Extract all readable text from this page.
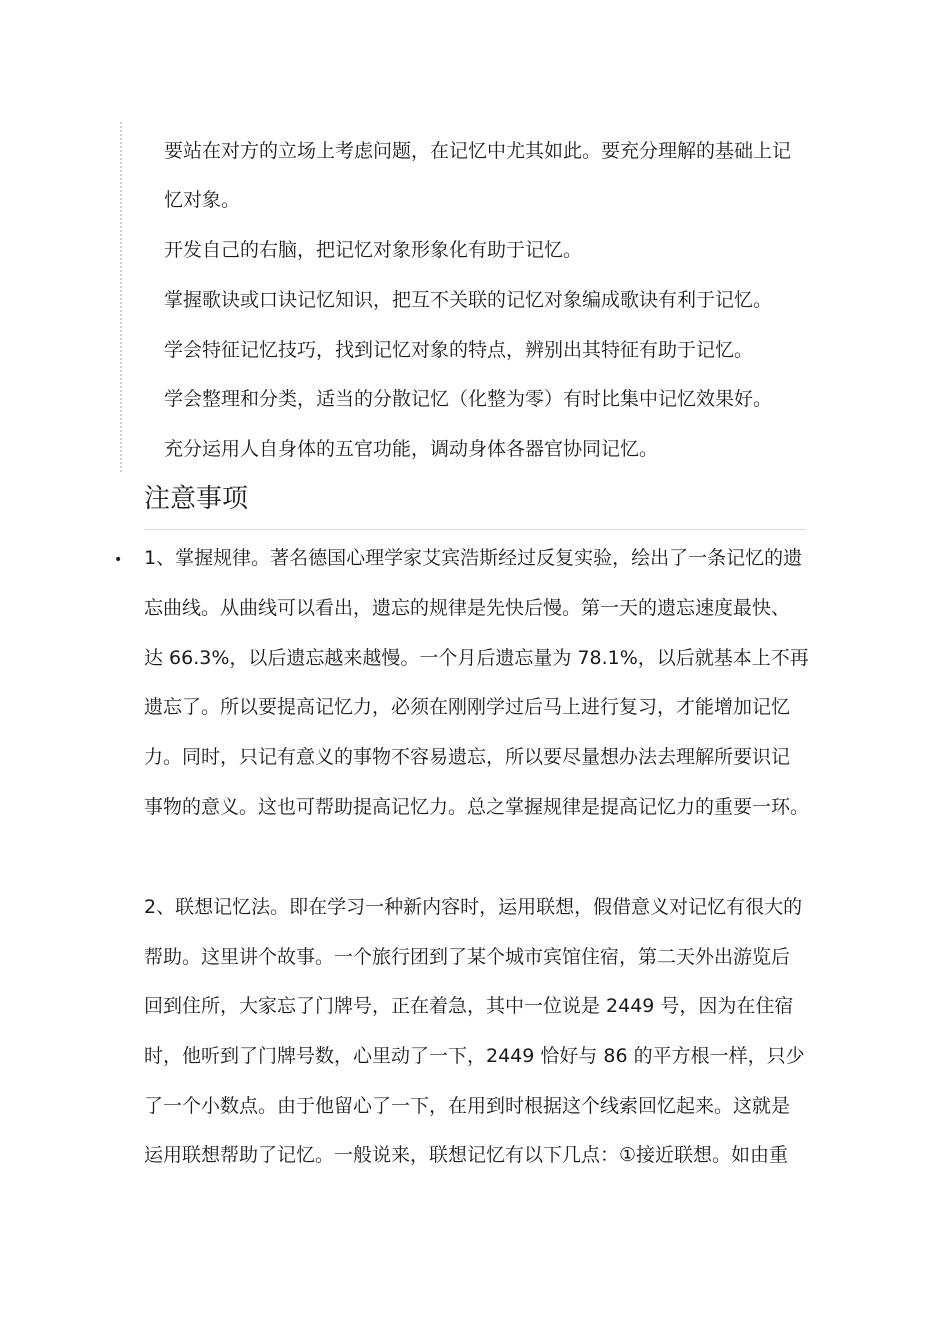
要站在对方的立场上考虑问题，在记忆中尤其如此。要充分理解的基础上记
忆对象。
开发自己的右脑，把记忆对象形象化有助于记忆。
掌握歌诀或口诀记忆知识，把互不关联的记忆对象编成歌诀有利于记忆。
学会特征记忆技巧，找到记忆对象的特点，辨别出其特征有助于记忆。
学会整理和分类，适当的分散记忆（化整为零）有时比集中记忆效果好。
充分运用人自身体的五官功能，调动身体各器官协同记忆。
注意事项
• 1、掌握规律。著名德国心理学家艾宾浩斯经过反复实验，绘出了一条记忆的遗
忘曲线。从曲线可以看出，遗忘的规律是先快后慢。第一天的遗忘速度最快、
达 66.3%，以后遗忘越来越慢。一个月后遗忘量为 78.1%，以后就基本上不再
遗忘了。所以要提高记忆力，必须在刚刚学过后马上进行复习，才能增加记忆
力。同时，只记有意义的事物不容易遗忘，所以要尽量想办法去理解所要识记
事物的意义。这也可帮助提高记忆力。总之掌握规律是提高记忆力的重要一环。
2、联想记忆法。即在学习一种新内容时，运用联想，假借意义对记忆有很大的
帮助。这里讲个故事。一个旅行团到了某个城市宾馆住宿，第二天外出游览后
回到住所，大家忘了门牌号，正在着急，其中一位说是 2449 号，因为在住宿
时，他听到了门牌号数，心里动了一下，2449 恰好与 86 的平方根一样，只少
了一个小数点。由于他留心了一下，在用到时根据这个线索回忆起来。这就是
运用联想帮助了记忆。一般说来，联想记忆有以下几点：①接近联想。如由重
